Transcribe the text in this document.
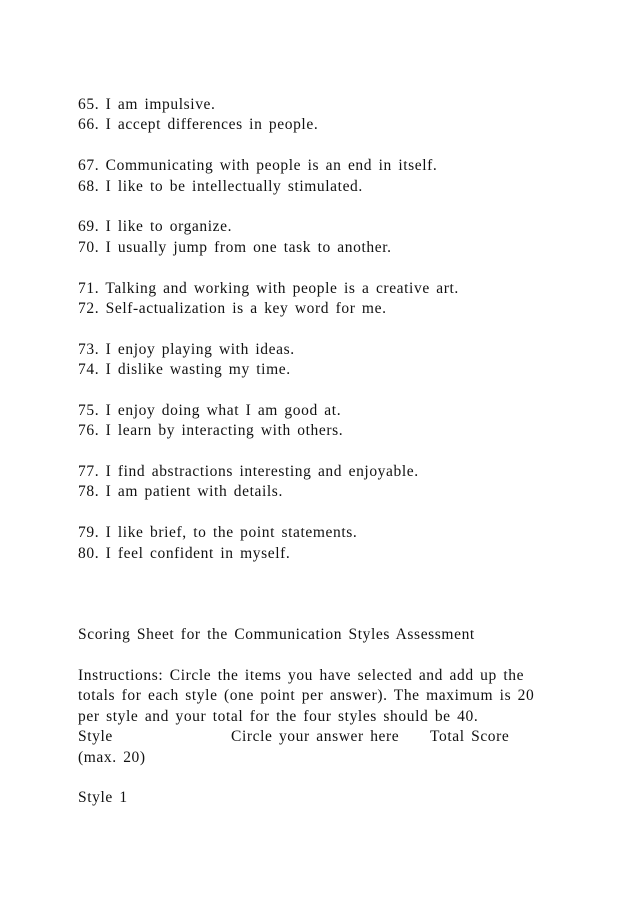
65. I am impulsive.
66. I accept differences in people.
67. Communicating with people is an end in itself.
68. I like to be intellectually stimulated.
69. I like to organize.
70. I usually jump from one task to another.
71. Talking and working with people is a creative art.
72. Self-actualization is a key word for me.
73. I enjoy playing with ideas.
74. I dislike wasting my time.
75. I enjoy doing what I am good at.
76. I learn by interacting with others.
77. I find abstractions interesting and enjoyable.
78. I am patient with details.
79. I like brief, to the point statements.
80. I feel confident in myself.
Scoring Sheet for the Communication Styles Assessment
Instructions: Circle the items you have selected and add up the
totals for each style (one point per answer). The maximum is 20
per style and your total for the four styles should be 40.
Style	Circle your answer here Total Score
(max. 20)
Style 1
